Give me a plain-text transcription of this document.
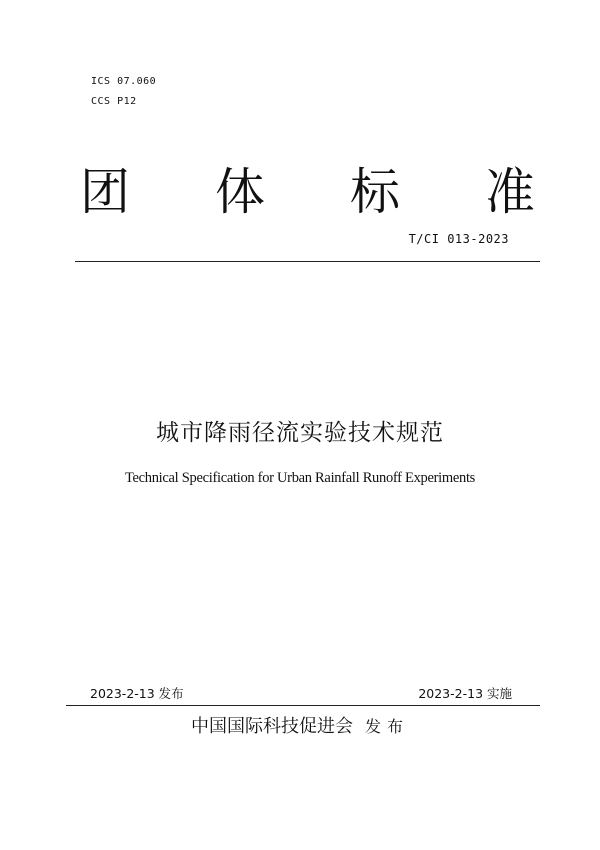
ICS 07.060
CCS P12
团 体 标 准
T/CI 013-2023
城市降雨径流实验技术规范
Technical Specification for Urban Rainfall Runoff Experiments
2023-2-13 发布	2023-2-13 实施
中国国际科技促进会 发布
